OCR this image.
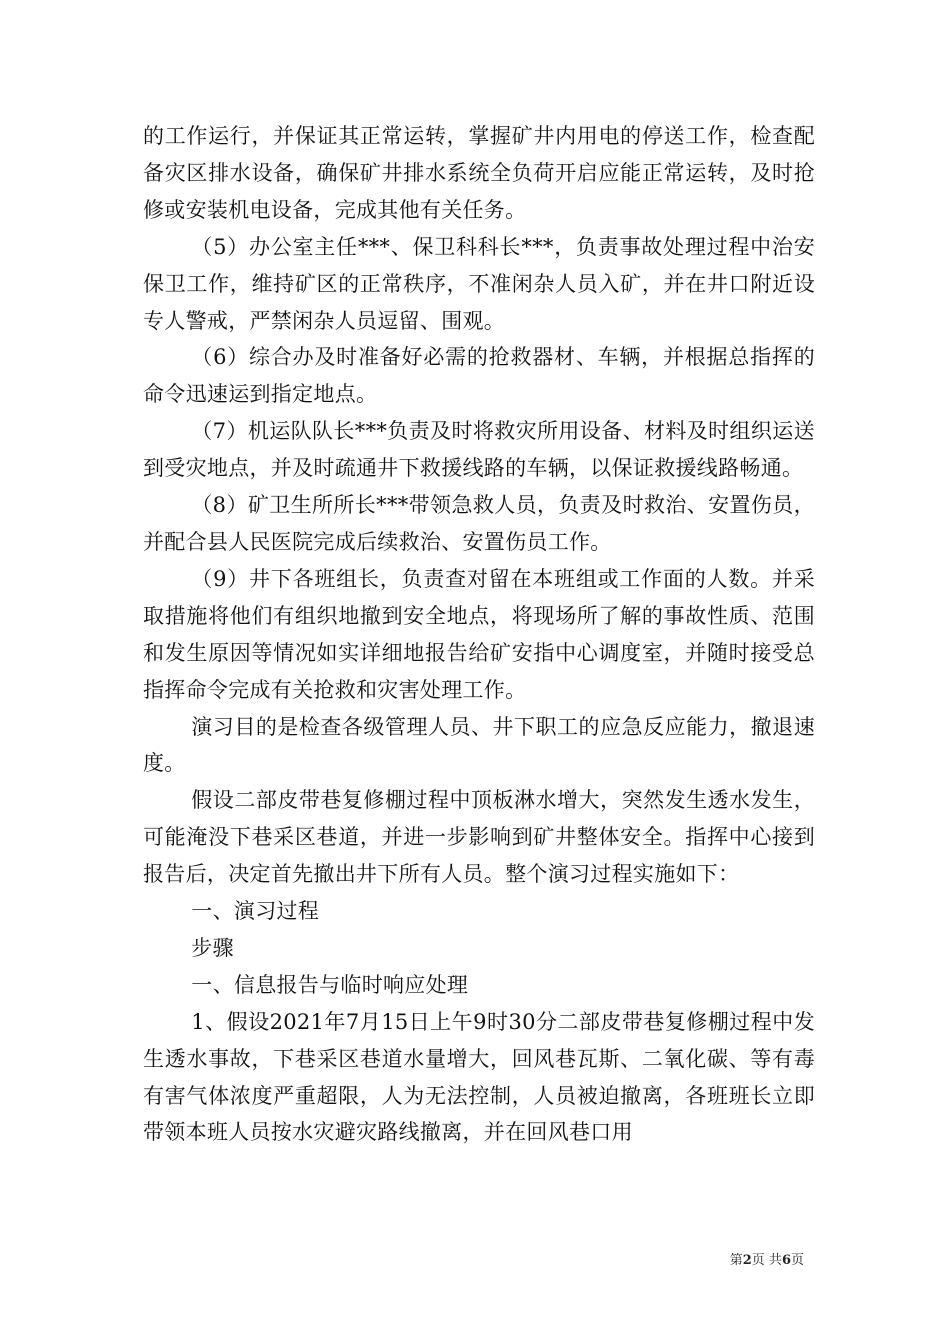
的工作运行，并保证其正常运转，掌握矿井内用电的停送工作，检查配备灾区排水设备，确保矿井排水系统全负荷开启应能正常运转，及时抢修或安装机电设备，完成其他有关任务。

（5）办公室主任***、保卫科科长***，负责事故处理过程中治安保卫工作，维持矿区的正常秩序，不准闲杂人员入矿，并在井口附近设专人警戒，严禁闲杂人员逗留、围观。

（6）综合办及时准备好必需的抢救器材、车辆，并根据总指挥的命令迅速运到指定地点。

（7）机运队队长***负责及时将救灾所用设备、材料及时组织运送到受灾地点，并及时疏通井下救援线路的车辆，以保证救援线路畅通。

（8）矿卫生所所长***带领急救人员，负责及时救治、安置伤员，并配合县人民医院完成后续救治、安置伤员工作。

（9）井下各班组长，负责查对留在本班组或工作面的人数。并采取措施将他们有组织地撤到安全地点，将现场所了解的事故性质、范围和发生原因等情况如实详细地报告给矿安指中心调度室，并随时接受总指挥命令完成有关抢救和灾害处理工作。

演习目的是检查各级管理人员、井下职工的应急反应能力，撤退速度。

假设二部皮带巷复修棚过程中顶板淋水增大，突然发生透水发生，可能淹没下巷采区巷道，并进一步影响到矿井整体安全。指挥中心接到报告后，决定首先撤出井下所有人员。整个演习过程实施如下：

一、演习过程

步骤

一、信息报告与临时响应处理

1、假设2021年7月15日上午9时30分二部皮带巷复修棚过程中发生透水事故，下巷采区巷道水量增大，回风巷瓦斯、二氧化碳、等有毒有害气体浓度严重超限，人为无法控制，人员被迫撤离，各班班长立即带领本班人员按水灾避灾路线撤离，并在回风巷口用

第2页 共6页
